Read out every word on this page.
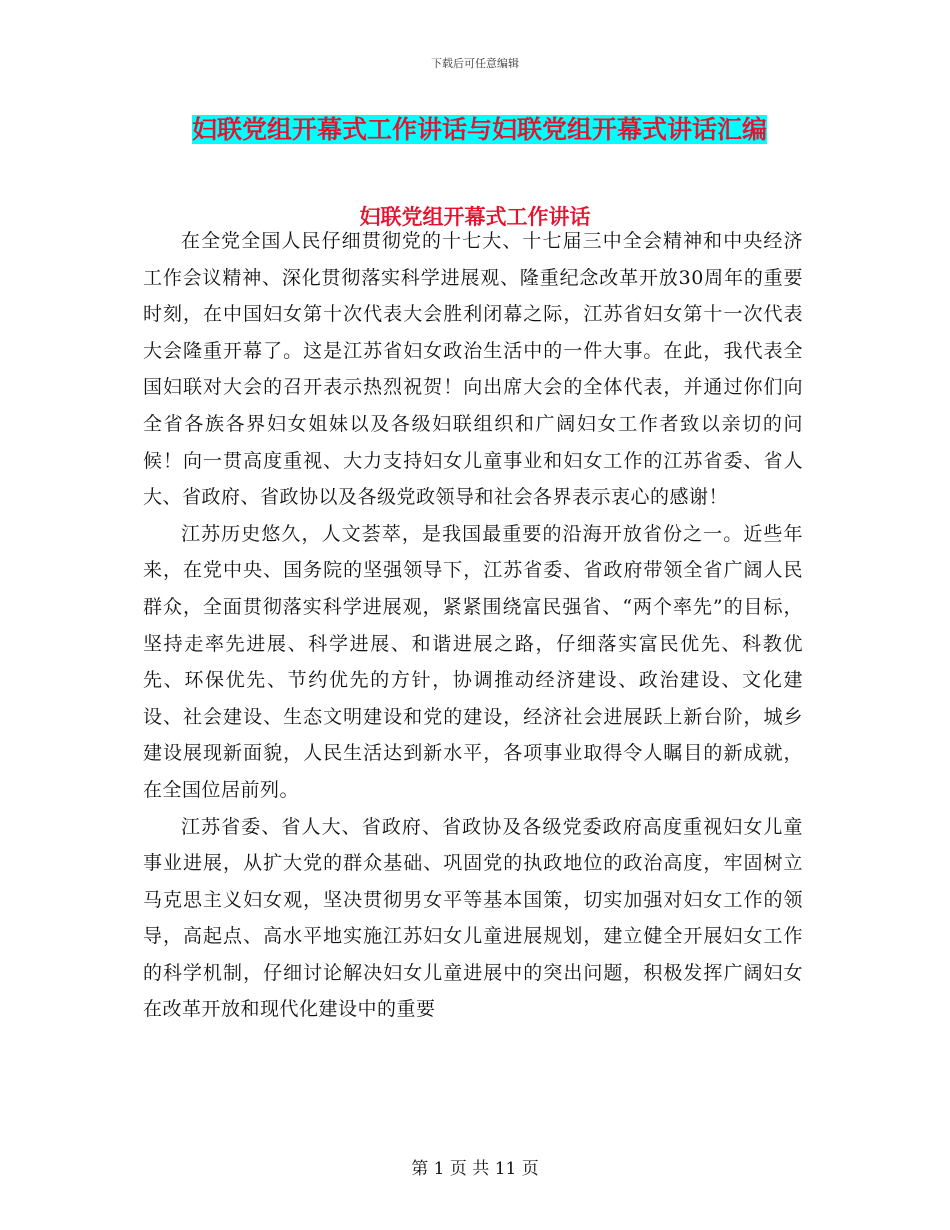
下载后可任意编辑
妇联党组开幕式工作讲话与妇联党组开幕式讲话汇编
妇联党组开幕式工作讲话

在全党全国人民仔细贯彻党的十七大、十七届三中全会精神和中央经济工作会议精神、深化贯彻落实科学进展观、隆重纪念改革开放30周年的重要时刻，在中国妇女第十次代表大会胜利闭幕之际，江苏省妇女第十一次代表大会隆重开幕了。这是江苏省妇女政治生活中的一件大事。在此，我代表全国妇联对大会的召开表示热烈祝贺！向出席大会的全体代表，并通过你们向全省各族各界妇女姐妹以及各级妇联组织和广阔妇女工作者致以亲切的问候！向一贯高度重视、大力支持妇女儿童事业和妇女工作的江苏省委、省人大、省政府、省政协以及各级党政领导和社会各界表示衷心的感谢！

江苏历史悠久，人文荟萃，是我国最重要的沿海开放省份之一。近些年来，在党中央、国务院的坚强领导下，江苏省委、省政府带领全省广阔人民群众，全面贯彻落实科学进展观，紧紧围绕富民强省、“两个率先”的目标，坚持走率先进展、科学进展、和谐进展之路，仔细落实富民优先、科教优先、环保优先、节约优先的方针，协调推动经济建设、政治建设、文化建设、社会建设、生态文明建设和党的建设，经济社会进展跃上新台阶，城乡建设展现新面貌，人民生活达到新水平，各项事业取得令人瞩目的新成就，在全国位居前列。

江苏省委、省人大、省政府、省政协及各级党委政府高度重视妇女儿童事业进展，从扩大党的群众基础、巩固党的执政地位的政治高度，牢固树立马克思主义妇女观，坚决贯彻男女平等基本国策，切实加强对妇女工作的领导，高起点、高水平地实施江苏妇女儿童进展规划，建立健全开展妇女工作的科学机制，仔细讨论解决妇女儿童进展中的突出问题，积极发挥广阔妇女在改革开放和现代化建设中的重要

第 1 页 共 11 页
